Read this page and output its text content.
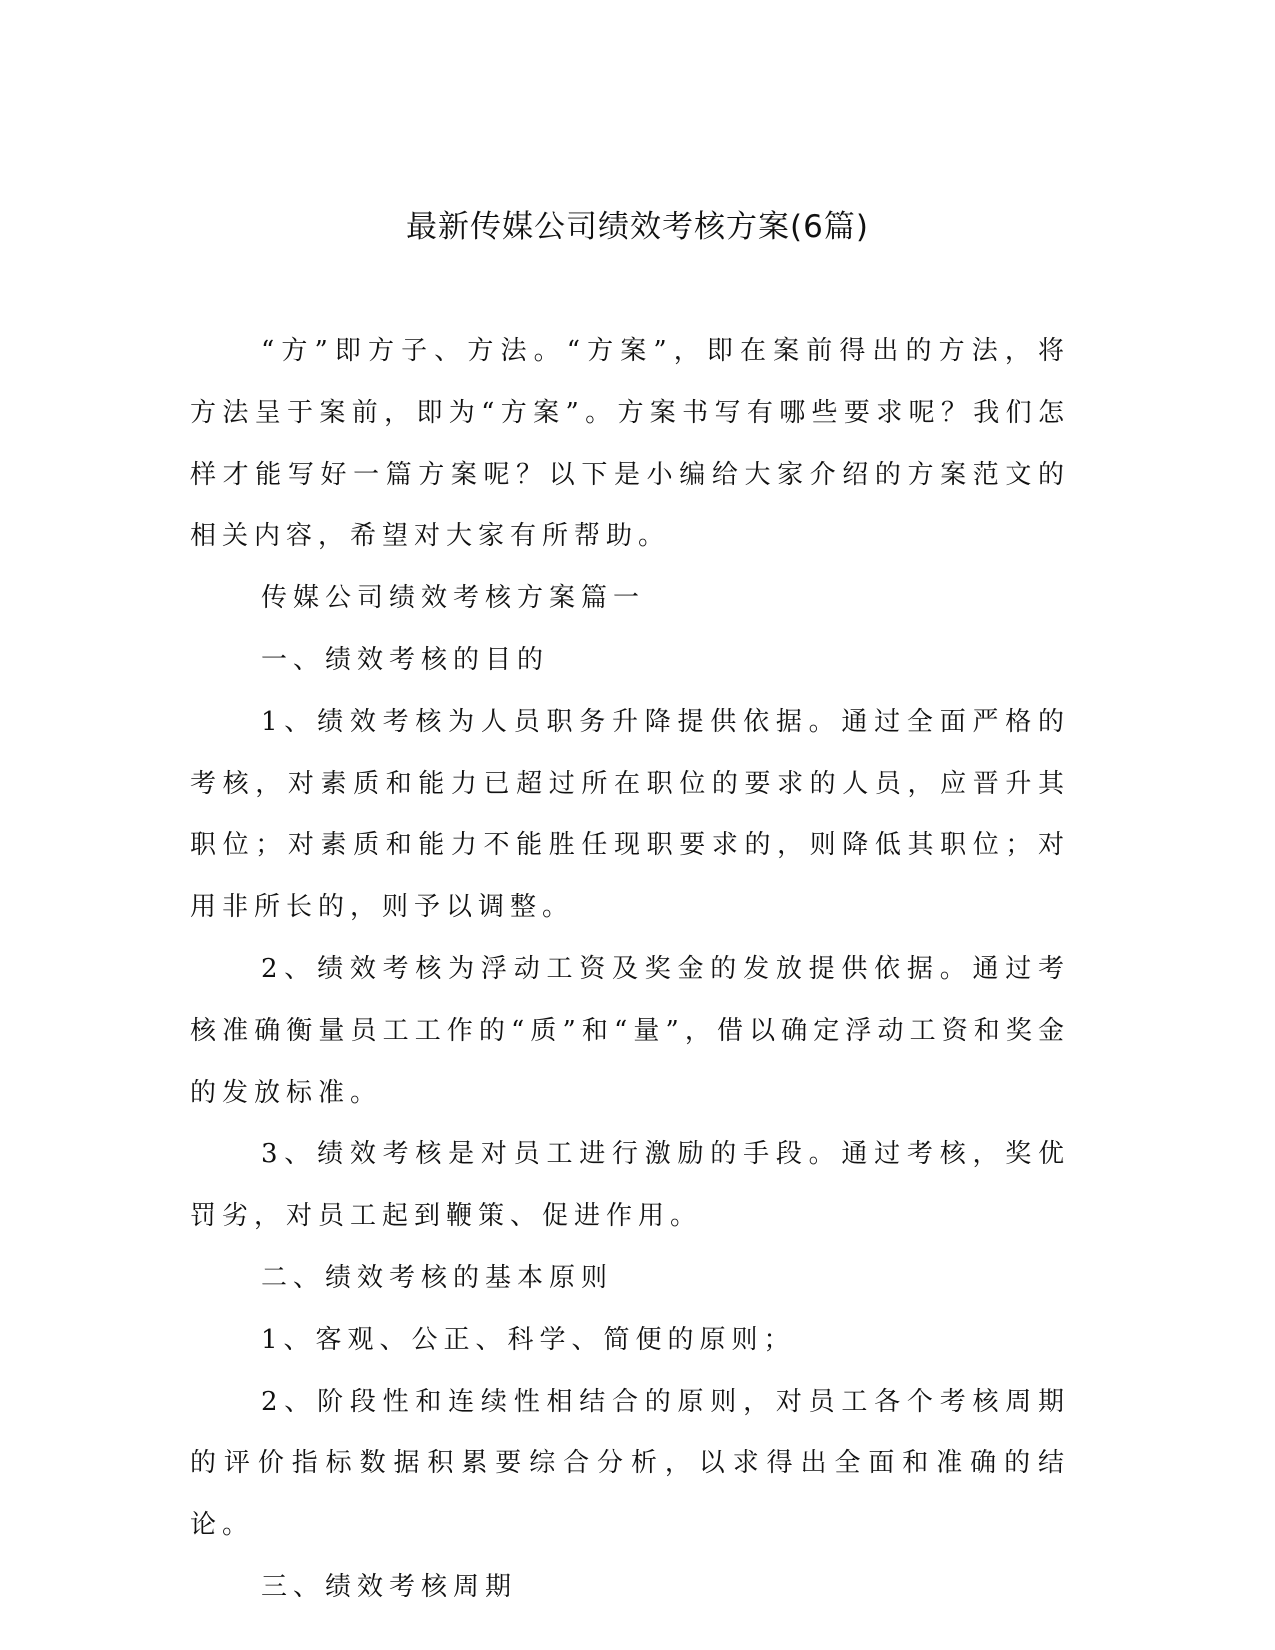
最新传媒公司绩效考核方案(6篇)

“方”即方子、方法。“方案”，即在案前得出的方法，将方法呈于案前，即为“方案”。方案书写有哪些要求呢？我们怎样才能写好一篇方案呢？以下是小编给大家介绍的方案范文的相关内容，希望对大家有所帮助。

传媒公司绩效考核方案篇一

一、绩效考核的目的

1、绩效考核为人员职务升降提供依据。通过全面严格的考核，对素质和能力已超过所在职位的要求的人员，应晋升其职位；对素质和能力不能胜任现职要求的，则降低其职位；对用非所长的，则予以调整。

2、绩效考核为浮动工资及奖金的发放提供依据。通过考核准确衡量员工工作的“质”和“量”，借以确定浮动工资和奖金的发放标准。

3、绩效考核是对员工进行激励的手段。通过考核，奖优罚劣，对员工起到鞭策、促进作用。

二、绩效考核的基本原则

1、客观、公正、科学、简便的原则；

2、阶段性和连续性相结合的原则，对员工各个考核周期的评价指标数据积累要综合分析，以求得出全面和准确的结论。

三、绩效考核周期
